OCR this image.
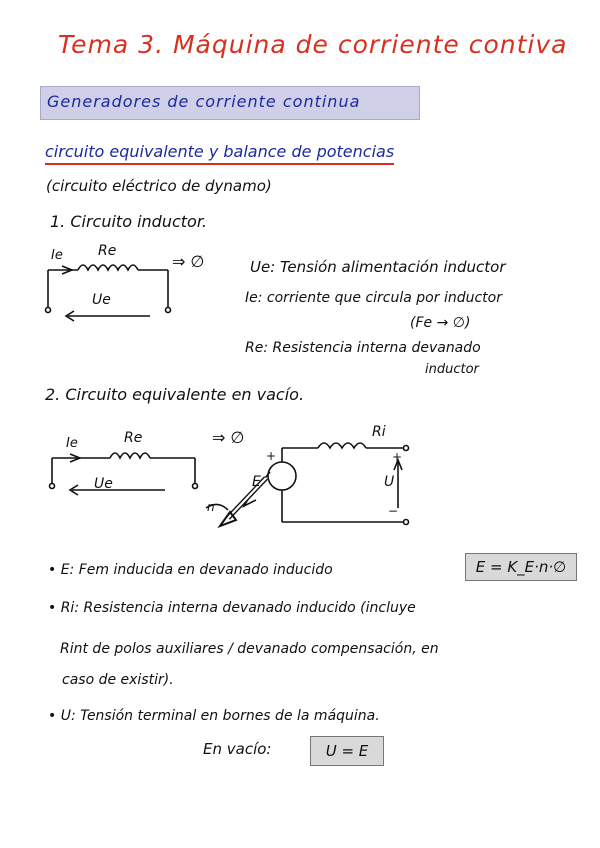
Tema 3. Máquina de corriente contiva
Generadores de corriente continua
circuito equivalente y balance de potencias
(circuito eléctrico de dynamo)
1. Circuito inductor.
Ie	Re
⇒ ∅
Ue
Ue: Tensión alimentación inductor
Ie: corriente que circula por inductor
(Fe → ∅)
Re: Resistencia interna devanado
inductor
2. Circuito equivalente en vacío.
Ie	Re
Ue
⇒ ∅	Ri
E	U
n
+	+
−
• E: Fem inducida en devanado inducido	E = K_E·n·∅
• Ri: Resistencia interna devanado inducido (incluye
Rint de polos auxiliares / devanado compensación, en
caso de existir).
• U: Tensión terminal en bornes de la máquina.
En vacío:	U = E
